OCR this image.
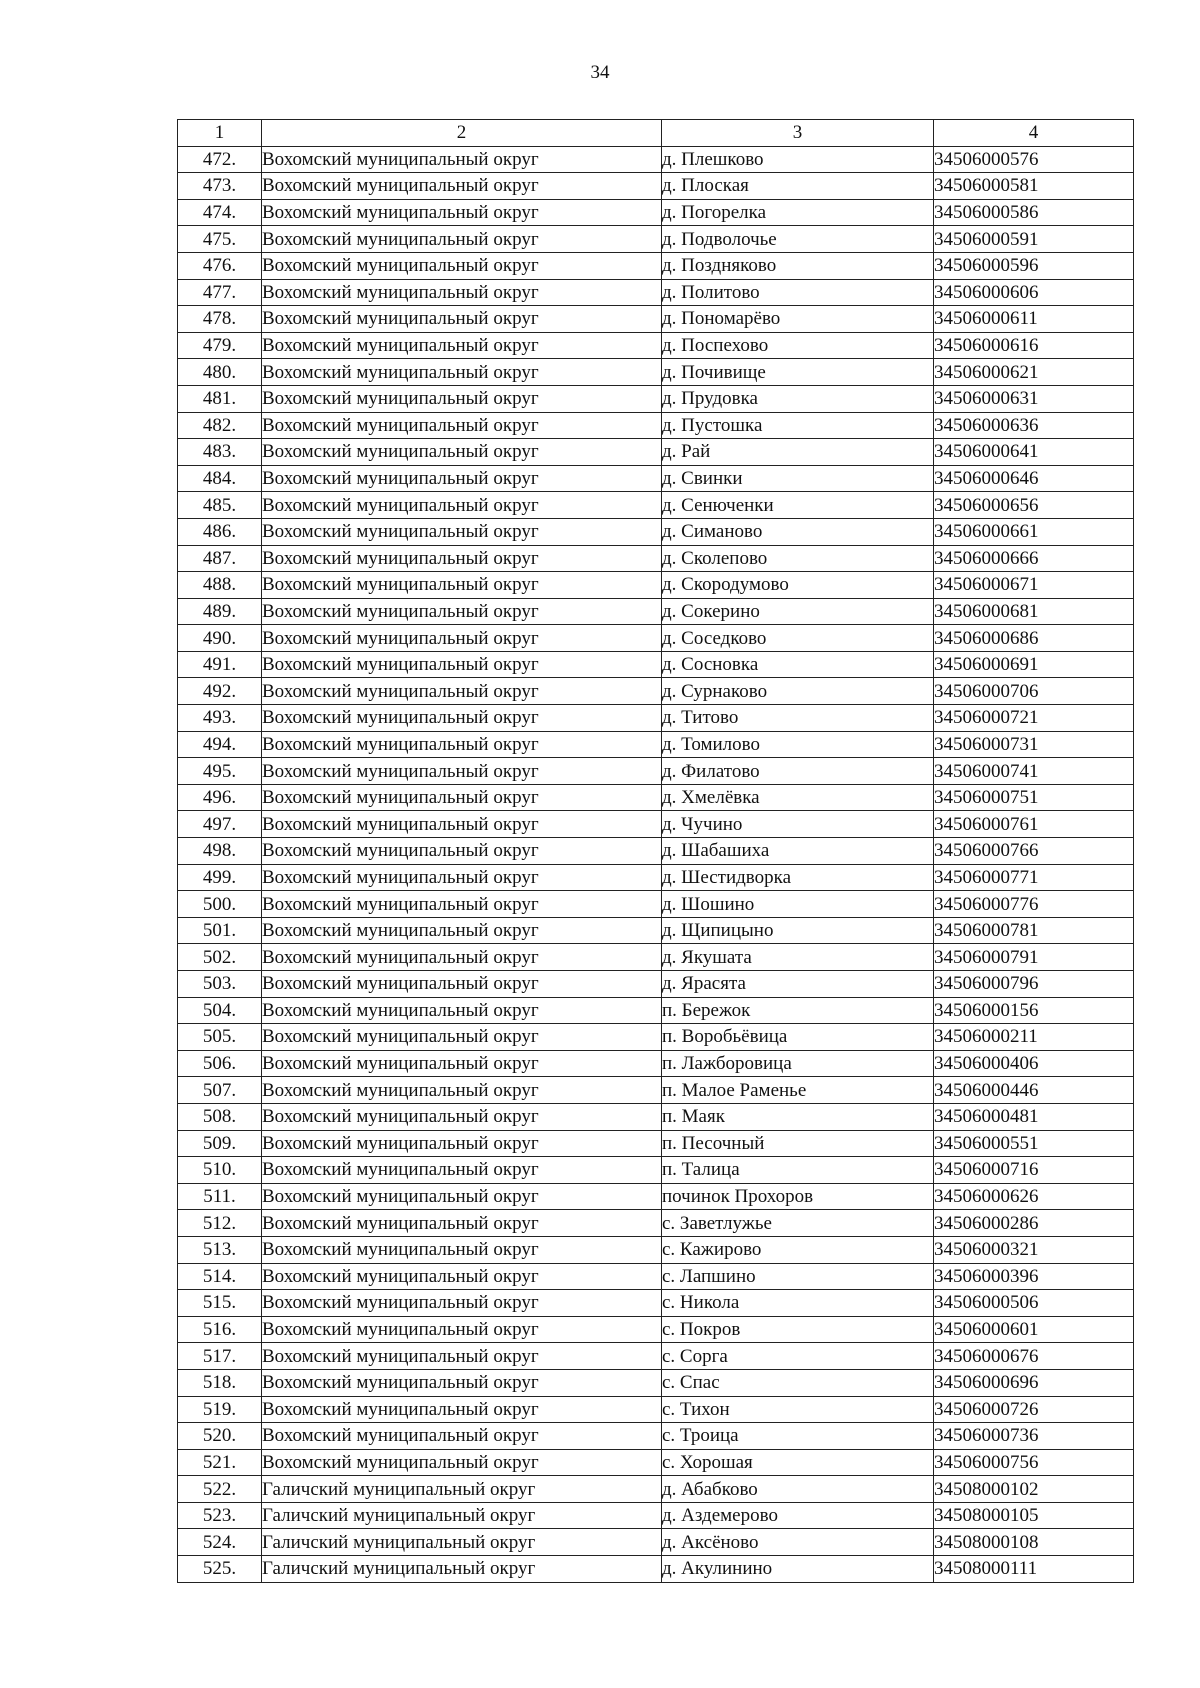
34
1	2	3	4
472.	Вохомский муниципальный округ	д. Плешково	34506000576
473.	Вохомский муниципальный округ	д. Плоская	34506000581
474.	Вохомский муниципальный округ	д. Погорелка	34506000586
475.	Вохомский муниципальный округ	д. Подволочье	34506000591
476.	Вохомский муниципальный округ	д. Поздняково	34506000596
477.	Вохомский муниципальный округ	д. Политово	34506000606
478.	Вохомский муниципальный округ	д. Пономарёво	34506000611
479.	Вохомский муниципальный округ	д. Поспехово	34506000616
480.	Вохомский муниципальный округ	д. Почивище	34506000621
481.	Вохомский муниципальный округ	д. Прудовка	34506000631
482.	Вохомский муниципальный округ	д. Пустошка	34506000636
483.	Вохомский муниципальный округ	д. Рай	34506000641
484.	Вохомский муниципальный округ	д. Свинки	34506000646
485.	Вохомский муниципальный округ	д. Сенюченки	34506000656
486.	Вохомский муниципальный округ	д. Симаново	34506000661
487.	Вохомский муниципальный округ	д. Сколепово	34506000666
488.	Вохомский муниципальный округ	д. Скородумово	34506000671
489.	Вохомский муниципальный округ	д. Сокерино	34506000681
490.	Вохомский муниципальный округ	д. Соседково	34506000686
491.	Вохомский муниципальный округ	д. Сосновка	34506000691
492.	Вохомский муниципальный округ	д. Сурнаково	34506000706
493.	Вохомский муниципальный округ	д. Титово	34506000721
494.	Вохомский муниципальный округ	д. Томилово	34506000731
495.	Вохомский муниципальный округ	д. Филатово	34506000741
496.	Вохомский муниципальный округ	д. Хмелёвка	34506000751
497.	Вохомский муниципальный округ	д. Чучино	34506000761
498.	Вохомский муниципальный округ	д. Шабашиха	34506000766
499.	Вохомский муниципальный округ	д. Шестидворка	34506000771
500.	Вохомский муниципальный округ	д. Шошино	34506000776
501.	Вохомский муниципальный округ	д. Щипицыно	34506000781
502.	Вохомский муниципальный округ	д. Якушата	34506000791
503.	Вохомский муниципальный округ	д. Ярасята	34506000796
504.	Вохомский муниципальный округ	п. Бережок	34506000156
505.	Вохомский муниципальный округ	п. Воробьёвица	34506000211
506.	Вохомский муниципальный округ	п. Лажборовица	34506000406
507.	Вохомский муниципальный округ	п. Малое Раменье	34506000446
508.	Вохомский муниципальный округ	п. Маяк	34506000481
509.	Вохомский муниципальный округ	п. Песочный	34506000551
510.	Вохомский муниципальный округ	п. Талица	34506000716
511.	Вохомский муниципальный округ	починок Прохоров	34506000626
512.	Вохомский муниципальный округ	с. Заветлужье	34506000286
513.	Вохомский муниципальный округ	с. Кажирово	34506000321
514.	Вохомский муниципальный округ	с. Лапшино	34506000396
515.	Вохомский муниципальный округ	с. Никола	34506000506
516.	Вохомский муниципальный округ	с. Покров	34506000601
517.	Вохомский муниципальный округ	с. Сорга	34506000676
518.	Вохомский муниципальный округ	с. Спас	34506000696
519.	Вохомский муниципальный округ	с. Тихон	34506000726
520.	Вохомский муниципальный округ	с. Троица	34506000736
521.	Вохомский муниципальный округ	с. Хорошая	34506000756
522.	Галичский муниципальный округ	д. Абабково	34508000102
523.	Галичский муниципальный округ	д. Аздемерово	34508000105
524.	Галичский муниципальный округ	д. Аксёново	34508000108
525.	Галичский муниципальный округ	д. Акулинино	34508000111
